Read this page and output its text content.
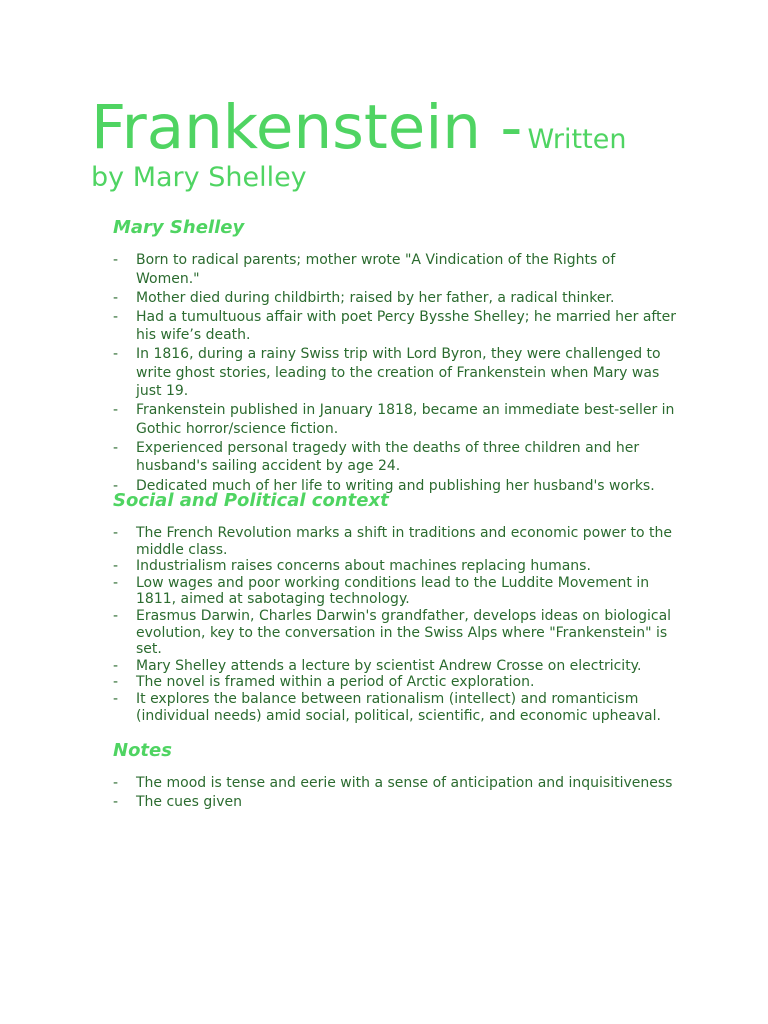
Frankenstein - Written
by Mary Shelley
Mary Shelley
- Born to radical parents; mother wrote "A Vindication of the Rights of Women."
- Mother died during childbirth; raised by her father, a radical thinker.
- Had a tumultuous affair with poet Percy Bysshe Shelley; he married her after his wife’s death.
- In 1816, during a rainy Swiss trip with Lord Byron, they were challenged to write ghost stories, leading to the creation of Frankenstein when Mary was just 19.
- Frankenstein published in January 1818, became an immediate best-seller in Gothic horror/science fiction.
- Experienced personal tragedy with the deaths of three children and her husband's sailing accident by age 24.
- Dedicated much of her life to writing and publishing her husband's works.
Social and Political context
- The French Revolution marks a shift in traditions and economic power to the middle class.
- Industrialism raises concerns about machines replacing humans.
- Low wages and poor working conditions lead to the Luddite Movement in 1811, aimed at sabotaging technology.
- Erasmus Darwin, Charles Darwin's grandfather, develops ideas on biological evolution, key to the conversation in the Swiss Alps where "Frankenstein" is set.
- Mary Shelley attends a lecture by scientist Andrew Crosse on electricity.
- The novel is framed within a period of Arctic exploration.
- It explores the balance between rationalism (intellect) and romanticism (individual needs) amid social, political, scientific, and economic upheaval.
Notes
- The mood is tense and eerie with a sense of anticipation and inquisitiveness
- The cues given
